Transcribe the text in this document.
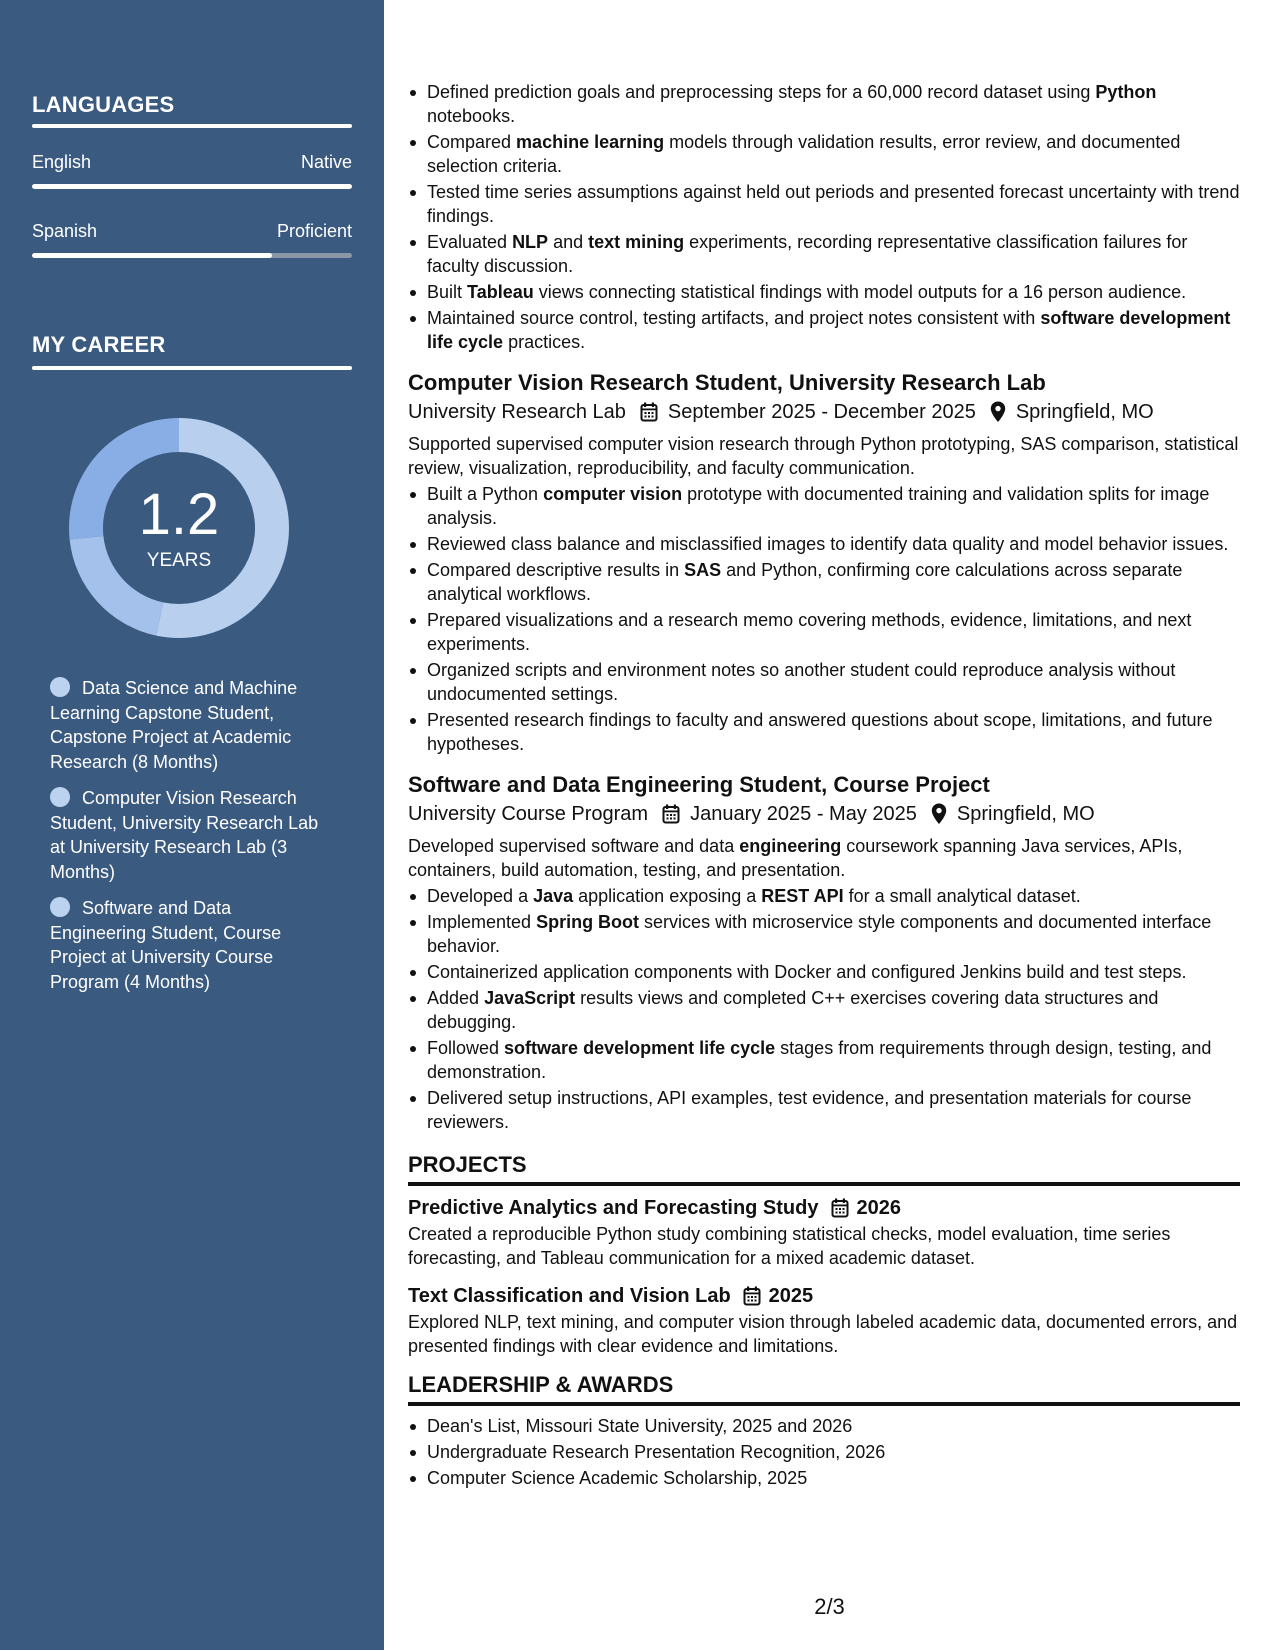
LANGUAGES
English	Native
Spanish	Proficient
MY CAREER
1.2
YEARS
Data Science and Machine Learning Capstone Student, Capstone Project at Academic Research (8 Months)
Computer Vision Research Student, University Research Lab at University Research Lab (3 Months)
Software and Data Engineering Student, Course Project at University Course Program (4 Months)
Defined prediction goals and preprocessing steps for a 60,000 record dataset using Python notebooks.
Compared machine learning models through validation results, error review, and documented selection criteria.
Tested time series assumptions against held out periods and presented forecast uncertainty with trend findings.
Evaluated NLP and text mining experiments, recording representative classification failures for faculty discussion.
Built Tableau views connecting statistical findings with model outputs for a 16 person audience.
Maintained source control, testing artifacts, and project notes consistent with software development life cycle practices.
Computer Vision Research Student, University Research Lab
University Research Lab September 2025 - December 2025 Springfield, MO
Supported supervised computer vision research through Python prototyping, SAS comparison, statistical review, visualization, reproducibility, and faculty communication.
Built a Python computer vision prototype with documented training and validation splits for image analysis.
Reviewed class balance and misclassified images to identify data quality and model behavior issues.
Compared descriptive results in SAS and Python, confirming core calculations across separate analytical workflows.
Prepared visualizations and a research memo covering methods, evidence, limitations, and next experiments.
Organized scripts and environment notes so another student could reproduce analysis without undocumented settings.
Presented research findings to faculty and answered questions about scope, limitations, and future hypotheses.
Software and Data Engineering Student, Course Project
University Course Program January 2025 - May 2025 Springfield, MO
Developed supervised software and data engineering coursework spanning Java services, APIs, containers, build automation, testing, and presentation.
Developed a Java application exposing a REST API for a small analytical dataset.
Implemented Spring Boot services with microservice style components and documented interface behavior.
Containerized application components with Docker and configured Jenkins build and test steps.
Added JavaScript results views and completed C++ exercises covering data structures and debugging.
Followed software development life cycle stages from requirements through design, testing, and demonstration.
Delivered setup instructions, API examples, test evidence, and presentation materials for course reviewers.
PROJECTS
Predictive Analytics and Forecasting Study 2026
Created a reproducible Python study combining statistical checks, model evaluation, time series forecasting, and Tableau communication for a mixed academic dataset.
Text Classification and Vision Lab 2025
Explored NLP, text mining, and computer vision through labeled academic data, documented errors, and presented findings with clear evidence and limitations.
LEADERSHIP & AWARDS
Dean's List, Missouri State University, 2025 and 2026
Undergraduate Research Presentation Recognition, 2026
Computer Science Academic Scholarship, 2025
2/3
